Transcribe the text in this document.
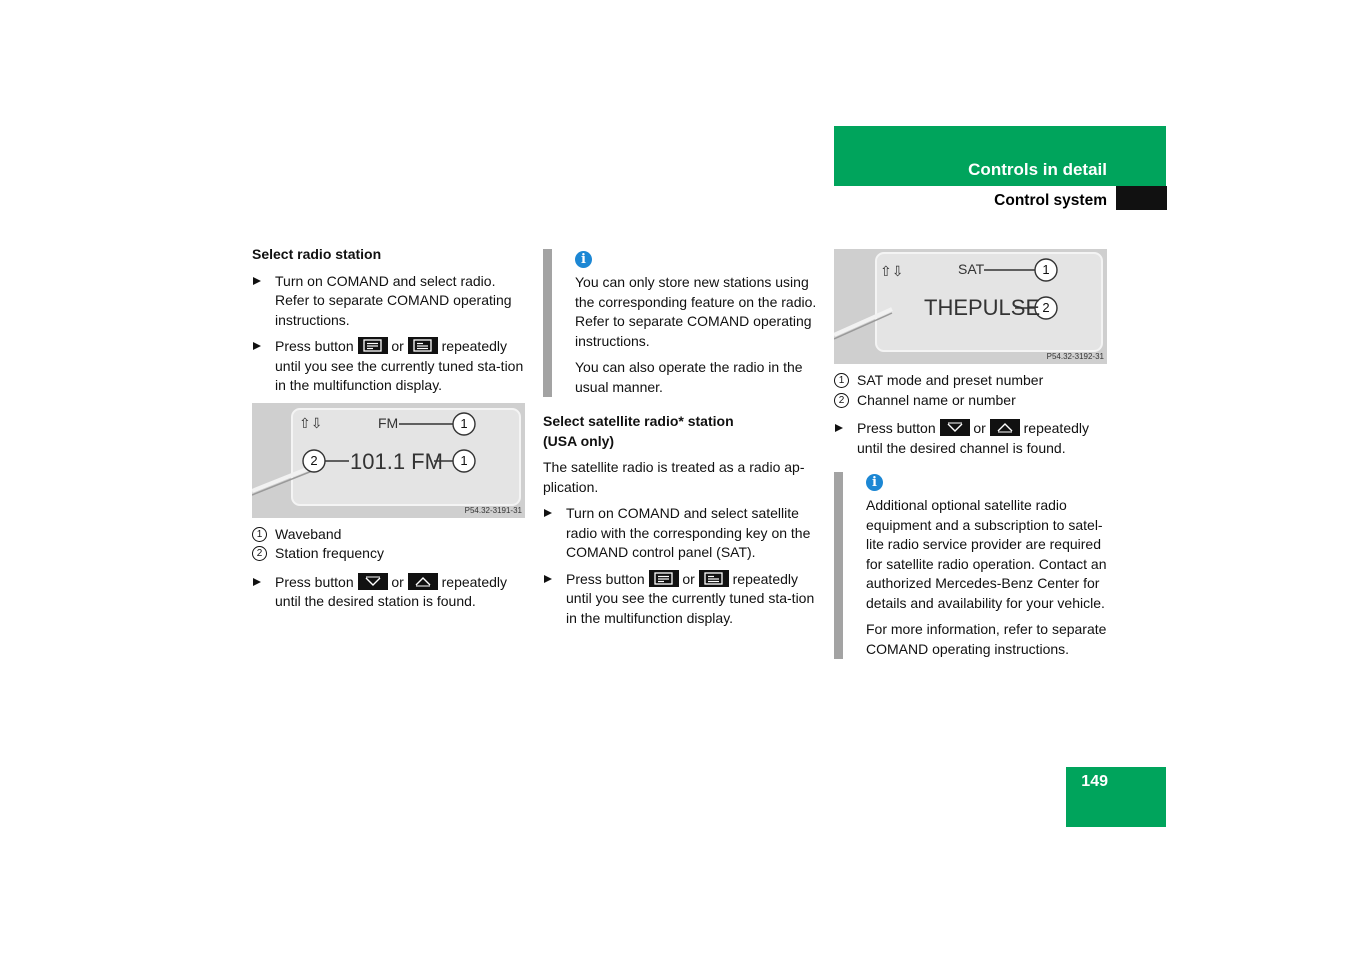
Controls in detail
Control system
Select radio station
Turn on COMAND and select radio. Refer to separate COMAND operating instructions.
Press button	or	repeatedly until you see the currently tuned sta-tion in the multifunction display.
⇧⇩	FM
101.1 FM
1
2	1
P54.32-3191-31
1 Waveband
2 Station frequency
Press button	or	repeatedly until the desired station is found.
i

You can only store new stations using the corresponding feature on the radio. Refer to separate COMAND operating instructions.

You can also operate the radio in the usual manner.

Select satellite radio* station
(USA only)

The satellite radio is treated as a radio ap-plication.

Turn on COMAND and select satellite radio with the corresponding key on the COMAND control panel (SAT).
Press button	or	repeatedly until you see the currently tuned sta-tion in the multifunction display.
⇧⇩	SAT
THEPULSE
1
2
P54.32-3192-31
1 SAT mode and preset number
2 Channel name or number
Press button	or	repeatedly until the desired channel is found.
i

Additional optional satellite radio equipment and a subscription to satel-lite radio service provider are required for satellite radio operation. Contact an authorized Mercedes-Benz Center for details and availability for your vehicle.

For more information, refer to separate COMAND operating instructions.

149
